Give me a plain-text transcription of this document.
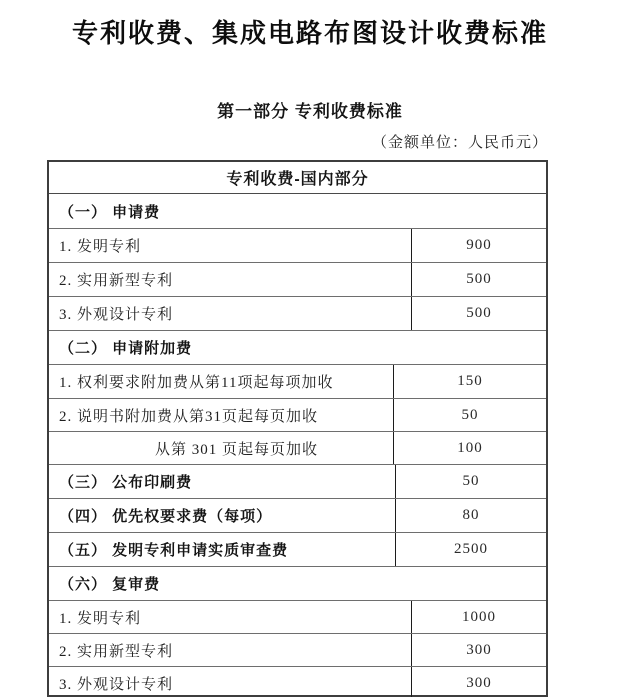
专利收费、集成电路布图设计收费标准
第一部分 专利收费标准
（金额单位：人民币元）
专利收费-国内部分
（一） 申请费
1. 发明专利	900
2. 实用新型专利	500
3. 外观设计专利	500
（二） 申请附加费
1. 权利要求附加费从第11项起每项加收	150
2. 说明书附加费从第31页起每页加收	50
从第 301 页起每页加收	100
（三） 公布印刷费	50
（四） 优先权要求费（每项）	80
（五） 发明专利申请实质审查费	2500
（六） 复审费
1. 发明专利	1000
2. 实用新型专利	300
3. 外观设计专利	300
